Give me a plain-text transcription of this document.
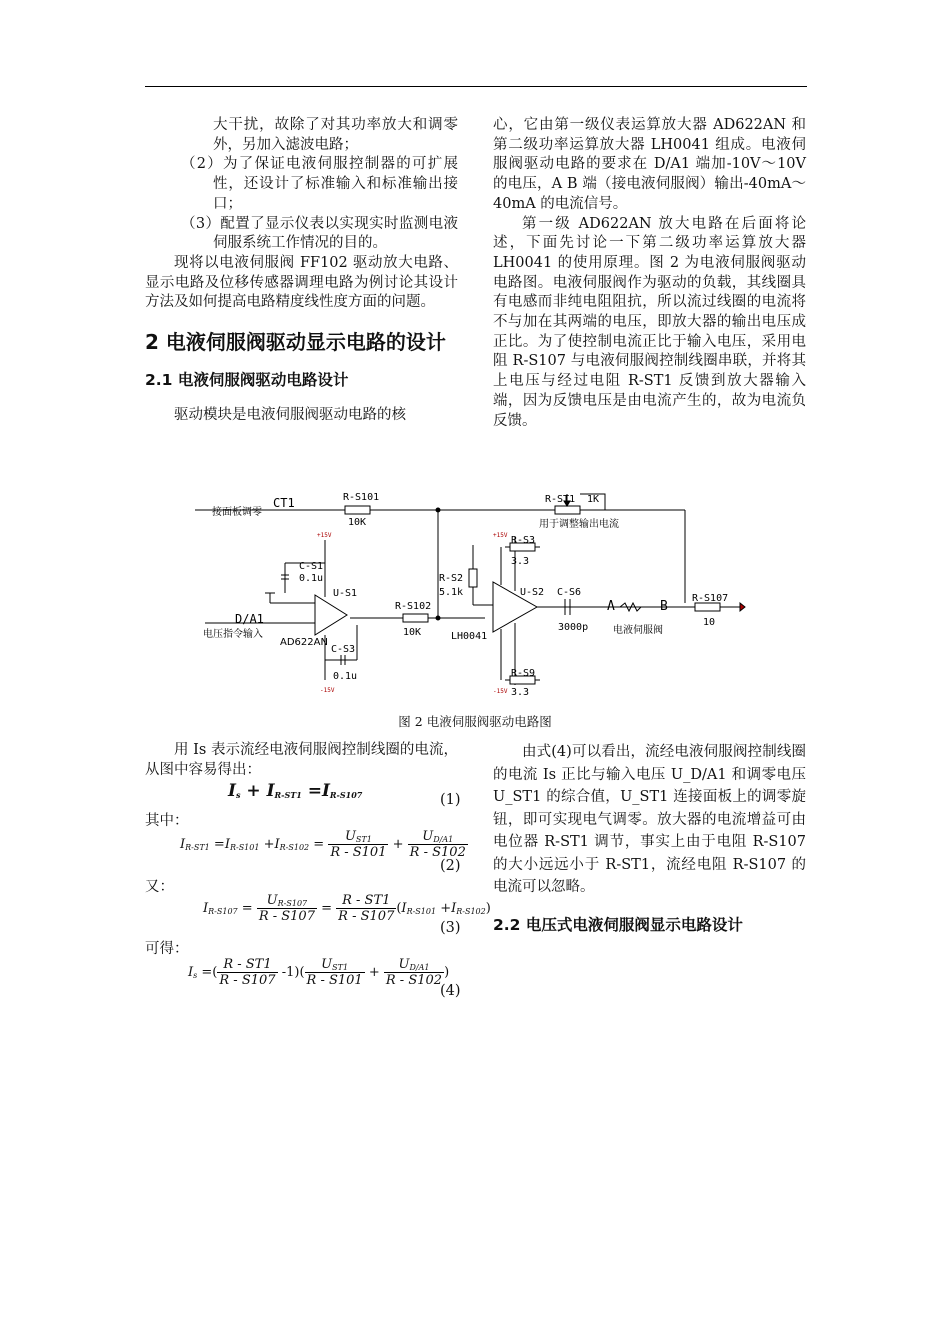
大干扰，故除了对其功率放大和调零外，另加入滤波电路；

（2）为了保证电液伺服控制器的可扩展性，还设计了标准输入和标准输出接口；

（3）配置了显示仪表以实现实时监测电液伺服系统工作情况的目的。

现将以电液伺服阀 FF102 驱动放大电路、显示电路及位移传感器调理电路为例讨论其设计方法及如何提高电路精度线性度方面的问题。

2 电液伺服阀驱动显示电路的设计

2.1 电液伺服阀驱动电路设计

驱动模块是电液伺服阀驱动电路的核

心，它由第一级仪表运算放大器 AD622AN 和第二级功率运算放大器 LH0041 组成。电液伺服阀驱动电路的要求在 D/A1 端加-10V～10V 的电压，A B 端（接电液伺服阀）输出-40mA～40mA 的电流信号。

第一级 AD622AN 放大电路在后面将论述，下面先讨论一下第二级功率运算放大器 LH0041 的使用原理。图 2 为电液伺服阀驱动电路图。电液伺服阀作为驱动的负载，其线圈具有电感而非纯电阻阻抗，所以流过线圈的电流将不与加在其两端的电压，即放大器的输出电压成正比。为了使控制电流正比于输入电压，采用电阻 R-S107 与电液伺服阀控制线圈串联，并将其上电压与经过电阻 R-ST1 反馈到放大器输入端，因为反馈电压是由电流产生的，故为电流负反馈。

接面板调零
CT1	R-S101
10K
R-ST1 1K
用于调整输出电流
+15V
C-S1
0.1u
U-S1
D/A1
电压指令输入
AD622AN
C-S3
0.1u
-15V
R-S2
5.1k
R-S102
10K	LH0041
+15V R-S3
3.3
U-S2 C-S6
3000p
A	B
电液伺服阀
R-S107
10
R-S9
3.3
-15V
图 2 电液伺服阀驱动电路图

用 Is 表示流经电液伺服阀控制线圈的电流，从图中容易得出：

$I_s + I_{R-ST1} =I_{R-S107}$	(1)
其中：
$I_{R-ST1} =I_{R-S101} +I_{R-S102} = \frac{U_{ST1}}{R - S101} + \frac{U_{D/A1}}{R - S102}$
(2)
又：
$I_{R-S107} = \frac{U_{R-S107}}{R - S107} = \frac{R - ST1}{R - S107} (I_{R-S101} +I_{R-S102})$
(3)
可得：
$I_s$ =( $\frac{R - ST1}{R - S107} -1)( \frac{U_{ST1}}{R - S101} + \frac{U_{D/A1}}{R - S102}$ )
(4)

由式(4)可以看出，流经电液伺服阀控制线圈的电流 Is 正比与输入电压 U_D/A1 和调零电压 U_ST1 的综合值，U_ST1 连接面板上的调零旋钮，即可实现电气调零。放大器的电流增益可由电位器 R-ST1 调节，事实上由于电阻 R-S107 的大小远远小于 R-ST1，流经电阻 R-S107 的电流可以忽略。

2.2 电压式电液伺服阀显示电路设计
